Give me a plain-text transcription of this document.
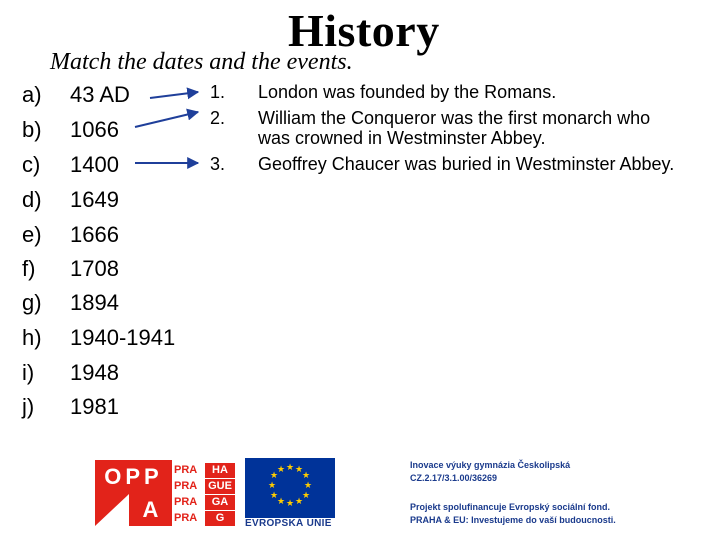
History
Match the dates and the events.
a) 43 AD
b) 1066
c) 1400
d) 1649
e) 1666
f) 1708
g) 1894
h) 1940-1941
i) 1948
j) 1981
1. London was founded by the Romans.
2. William the Conqueror was the first monarch who
was crowned in Westminster Abbey.
3. Geoffrey Chaucer was buried in Westminster Abbey.
OPP
A
PRA	HA
PRA GUE
PRA	GA
PRA	G
★ ★
★
★
★
★
★
★
★
★
★
★
EVROPSKÁ UNIE
Inovace výuky gymnázia Českolipská
CZ.2.17/3.1.00/36269
Projekt spolufinancuje Evropský sociální fond.
PRAHA & EU: Investujeme do vaší budoucnosti.
